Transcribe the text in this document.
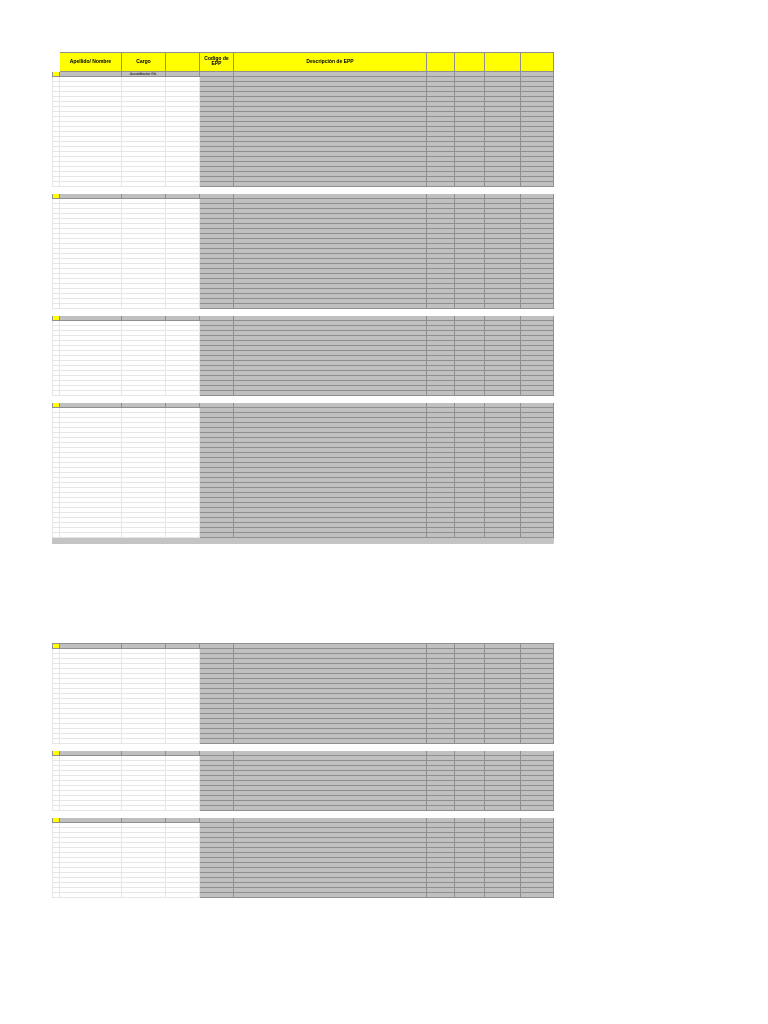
	Apellido/ Nombre	Cargo		Codigo de EPP	Descripción de EPP				
		Acostillador Eb.							
